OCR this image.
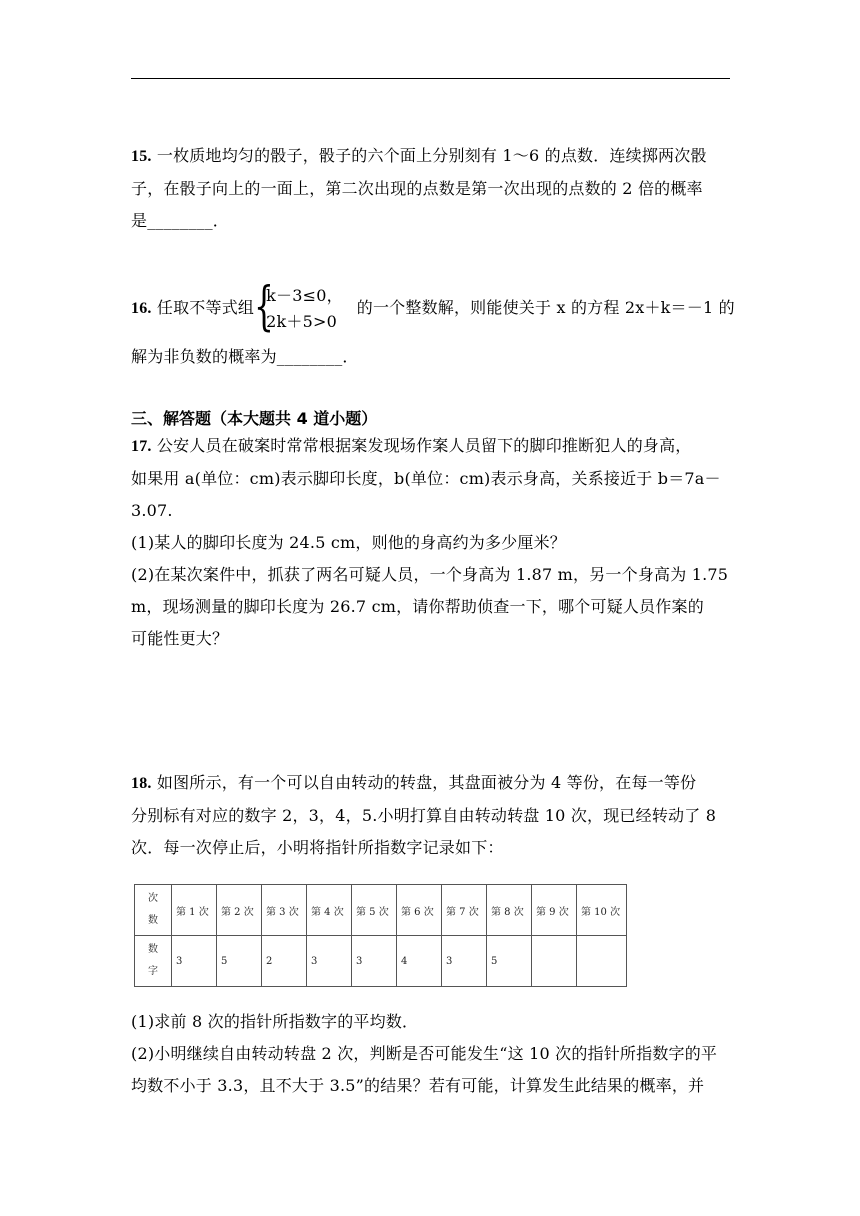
15. 一枚质地均匀的骰子，骰子的六个面上分别刻有 1～6 的点数．连续掷两次骰
子，在骰子向上的一面上，第二次出现的点数是第一次出现的点数的 2 倍的概率
是________．
16. 任取不等式组 {
k－3≤0，
2k＋5>0
的一个整数解，则能使关于 x 的方程 2x＋k＝－1 的
解为非负数的概率为________．
三、解答题（本大题共 4 道小题）
17. 公安人员在破案时常常根据案发现场作案人员留下的脚印推断犯人的身高，
如果用 a(单位：cm)表示脚印长度，b(单位：cm)表示身高，关系接近于 b＝7a－
3.07.
(1)某人的脚印长度为 24.5 cm，则他的身高约为多少厘米？
(2)在某次案件中，抓获了两名可疑人员，一个身高为 1.87 m，另一个身高为 1.75
m，现场测量的脚印长度为 26.7 cm，请你帮助侦查一下，哪个可疑人员作案的
可能性更大？
18. 如图所示，有一个可以自由转动的转盘，其盘面被分为 4 等份，在每一等份
分别标有对应的数字 2，3，4，5.小明打算自由转动转盘 10 次，现已经转动了 8
次．每一次停止后，小明将指针所指数字记录如下：
次数	第 1 次	第 2 次	第 3 次	第 4 次	第 5 次	第 6 次	第 7 次	第 8 次	第 9 次	第 10 次
数字	3	5	2	3	3	4	3	5		
(1)求前 8 次的指针所指数字的平均数．
(2)小明继续自由转动转盘 2 次，判断是否可能发生“这 10 次的指针所指数字的平
均数不小于 3.3，且不大于 3.5”的结果？若有可能，计算发生此结果的概率，并
